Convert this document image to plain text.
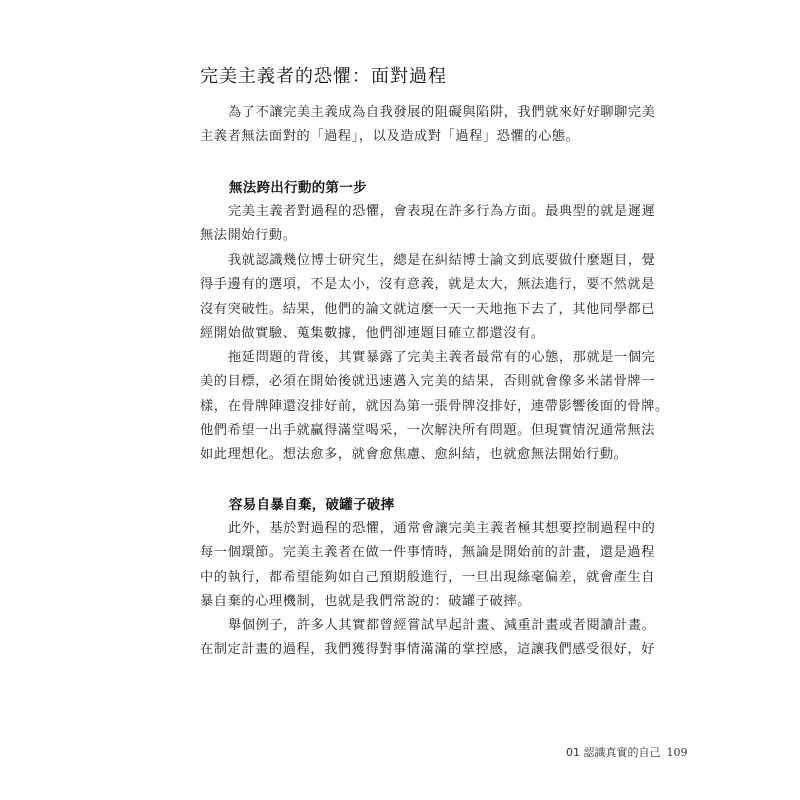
完美主義者的恐懼：面對過程

為了不讓完美主義成為自我發展的阻礙與陷阱，我們就來好好聊聊完美
主義者無法面對的「過程」，以及造成對「過程」恐懼的心態。

無法跨出行動的第一步

完美主義者對過程的恐懼，會表現在許多行為方面。最典型的就是遲遲
無法開始行動。

我就認識幾位博士研究生，總是在糾結博士論文到底要做什麼題目，覺
得手邊有的選項，不是太小，沒有意義，就是太大，無法進行，要不然就是
沒有突破性。結果，他們的論文就這麼一天一天地拖下去了，其他同學都已
經開始做實驗、蒐集數據，他們卻連題目確立都還沒有。

拖延問題的背後，其實暴露了完美主義者最常有的心態，那就是一個完
美的目標，必須在開始後就迅速邁入完美的結果，否則就會像多米諾骨牌一
樣，在骨牌陣還沒排好前，就因為第一張骨牌沒排好，連帶影響後面的骨牌。
他們希望一出手就贏得滿堂喝采，一次解決所有問題。但現實情況通常無法
如此理想化。想法愈多，就會愈焦慮、愈糾結，也就愈無法開始行動。

容易自暴自棄，破罐子破摔

此外，基於對過程的恐懼，通常會讓完美主義者極其想要控制過程中的
每一個環節。完美主義者在做一件事情時，無論是開始前的計畫，還是過程
中的執行，都希望能夠如自己預期般進行，一旦出現絲毫偏差，就會產生自
暴自棄的心理機制，也就是我們常說的：破罐子破摔。

舉個例子，許多人其實都曾經嘗試早起計畫、減重計畫或者閱讀計畫。
在制定計畫的過程，我們獲得對事情滿滿的掌控感，這讓我們感受很好，好

01 認識真實的自己 109
